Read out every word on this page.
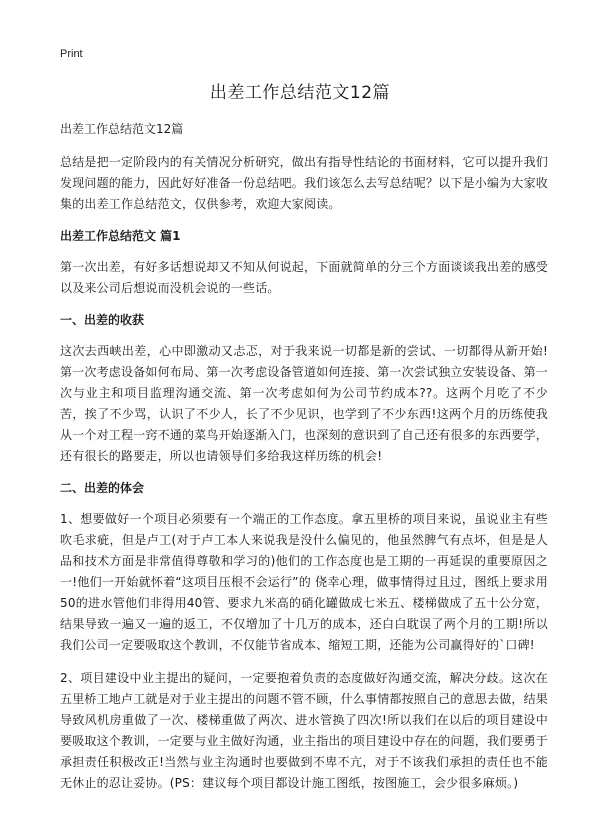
Print
出差工作总结范文12篇
出差工作总结范文12篇

总结是把一定阶段内的有关情况分析研究，做出有指导性结论的书面材料，它可以提升我们发现问题的能力，因此好好准备一份总结吧。我们该怎么去写总结呢？以下是小编为大家收集的出差工作总结范文，仅供参考，欢迎大家阅读。

出差工作总结范文 篇1

第一次出差，有好多话想说却又不知从何说起，下面就简单的分三个方面谈谈我出差的感受以及来公司后想说而没机会说的一些话。

一、出差的收获

这次去西峡出差，心中即激动又忐忑，对于我来说一切都是新的尝试、一切都得从新开始!第一次考虑设备如何布局、第一次考虑设备管道如何连接、第一次尝试独立安装设备、第一次与业主和项目监理沟通交流、第一次考虑如何为公司节约成本??。这两个月吃了不少苦，挨了不少骂，认识了不少人，长了不少见识，也学到了不少东西!这两个月的历练使我从一个对工程一窍不通的菜鸟开始逐渐入门，也深刻的意识到了自己还有很多的东西要学，还有很长的路要走，所以也请领导们多给我这样历练的机会!

二、出差的体会

1、想要做好一个项目必须要有一个端正的工作态度。拿五里桥的项目来说，虽说业主有些吹毛求疵，但是卢工(对于卢工本人来说我是没什么偏见的，他虽然脾气有点坏，但是是人品和技术方面是非常值得尊敬和学习的)他们的工作态度也是工期的一再延误的重要原因之一!他们一开始就怀着“这项目压根不会运行”的 侥幸心理，做事情得过且过，图纸上要求用50的进水管他们非得用40管、要求九米高的硝化罐做成七米五、楼梯做成了五十公分宽，结果导致一遍又一遍的返工，不仅增加了十几万的成本，还白白耽误了两个月的工期!所以我们公司一定要吸取这个教训，不仅能节省成本、缩短工期，还能为公司赢得好的`口碑!

2、项目建设中业主提出的疑问，一定要抱着负责的态度做好沟通交流，解决分歧。这次在五里桥工地卢工就是对于业主提出的问题不管不顾，什么事情都按照自己的意思去做，结果导致风机房重做了一次、楼梯重做了两次、进水管换了四次!所以我们在以后的项目建设中要吸取这个教训，一定要与业主做好沟通，业主指出的项目建设中存在的问题，我们要勇于承担责任积极改正!当然与业主沟通时也要做到不卑不亢，对于不该我们承担的责任也不能无休止的忍让妥协。(PS：建议每个项目都设计施工图纸，按图施工，会少很多麻烦。)
